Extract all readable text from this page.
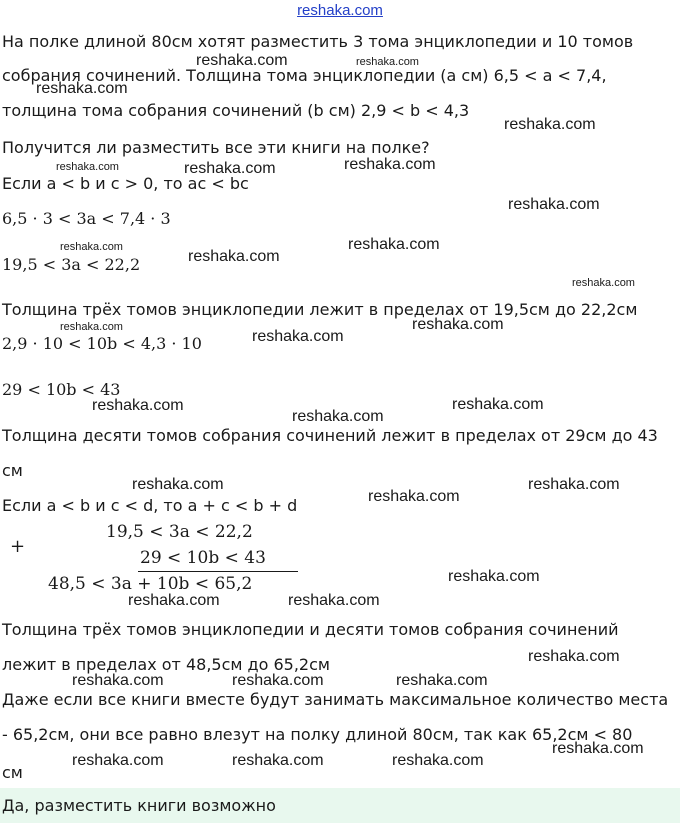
reshaka.com
На полке длиной 80см хотят разместить 3 тома энциклопедии и 10 томов
собрания сочинений. Толщина тома энциклопедии (a см) 6,5 < a < 7,4,
толщина тома собрания сочинений (b см) 2,9 < b < 4,3
Получится ли разместить все эти книги на полке?
Если a < b и c > 0, то ac < bc
6,5 · 3 < 3a < 7,4 · 3
19,5 < 3a < 22,2
Толщина трёх томов энциклопедии лежит в пределах от 19,5см до 22,2см
2,9 · 10 < 10b < 4,3 · 10
29 < 10b < 43
Толщина десяти томов собрания сочинений лежит в пределах от 29см до 43
см
Если a < b и c < d, то a + c < b + d
+
19,5 < 3a < 22,2
29 < 10b < 43
48,5 < 3a + 10b < 65,2
Толщина трёх томов энциклопедии и десяти томов собрания сочинений
лежит в пределах от 48,5см до 65,2см
Даже если все книги вместе будут занимать максимальное количество места
- 65,2см, они все равно влезут на полку длиной 80см, так как 65,2см < 80
см
reshaka.com	reshaka.com
reshaka.com
reshaka.com
reshaka.com	reshaka.com	reshaka.com
reshaka.com
reshaka.com
reshaka.com
reshaka.com
reshaka.com
reshaka.com
reshaka.com
reshaka.com
reshaka.com
reshaka.com
reshaka.com
reshaka.com
reshaka.com
reshaka.com
reshaka.com
reshaka.com	reshaka.com
reshaka.com
reshaka.com	reshaka.com	reshaka.com
reshaka.com
reshaka.com	reshaka.com	reshaka.com
Да, разместить книги возможно
